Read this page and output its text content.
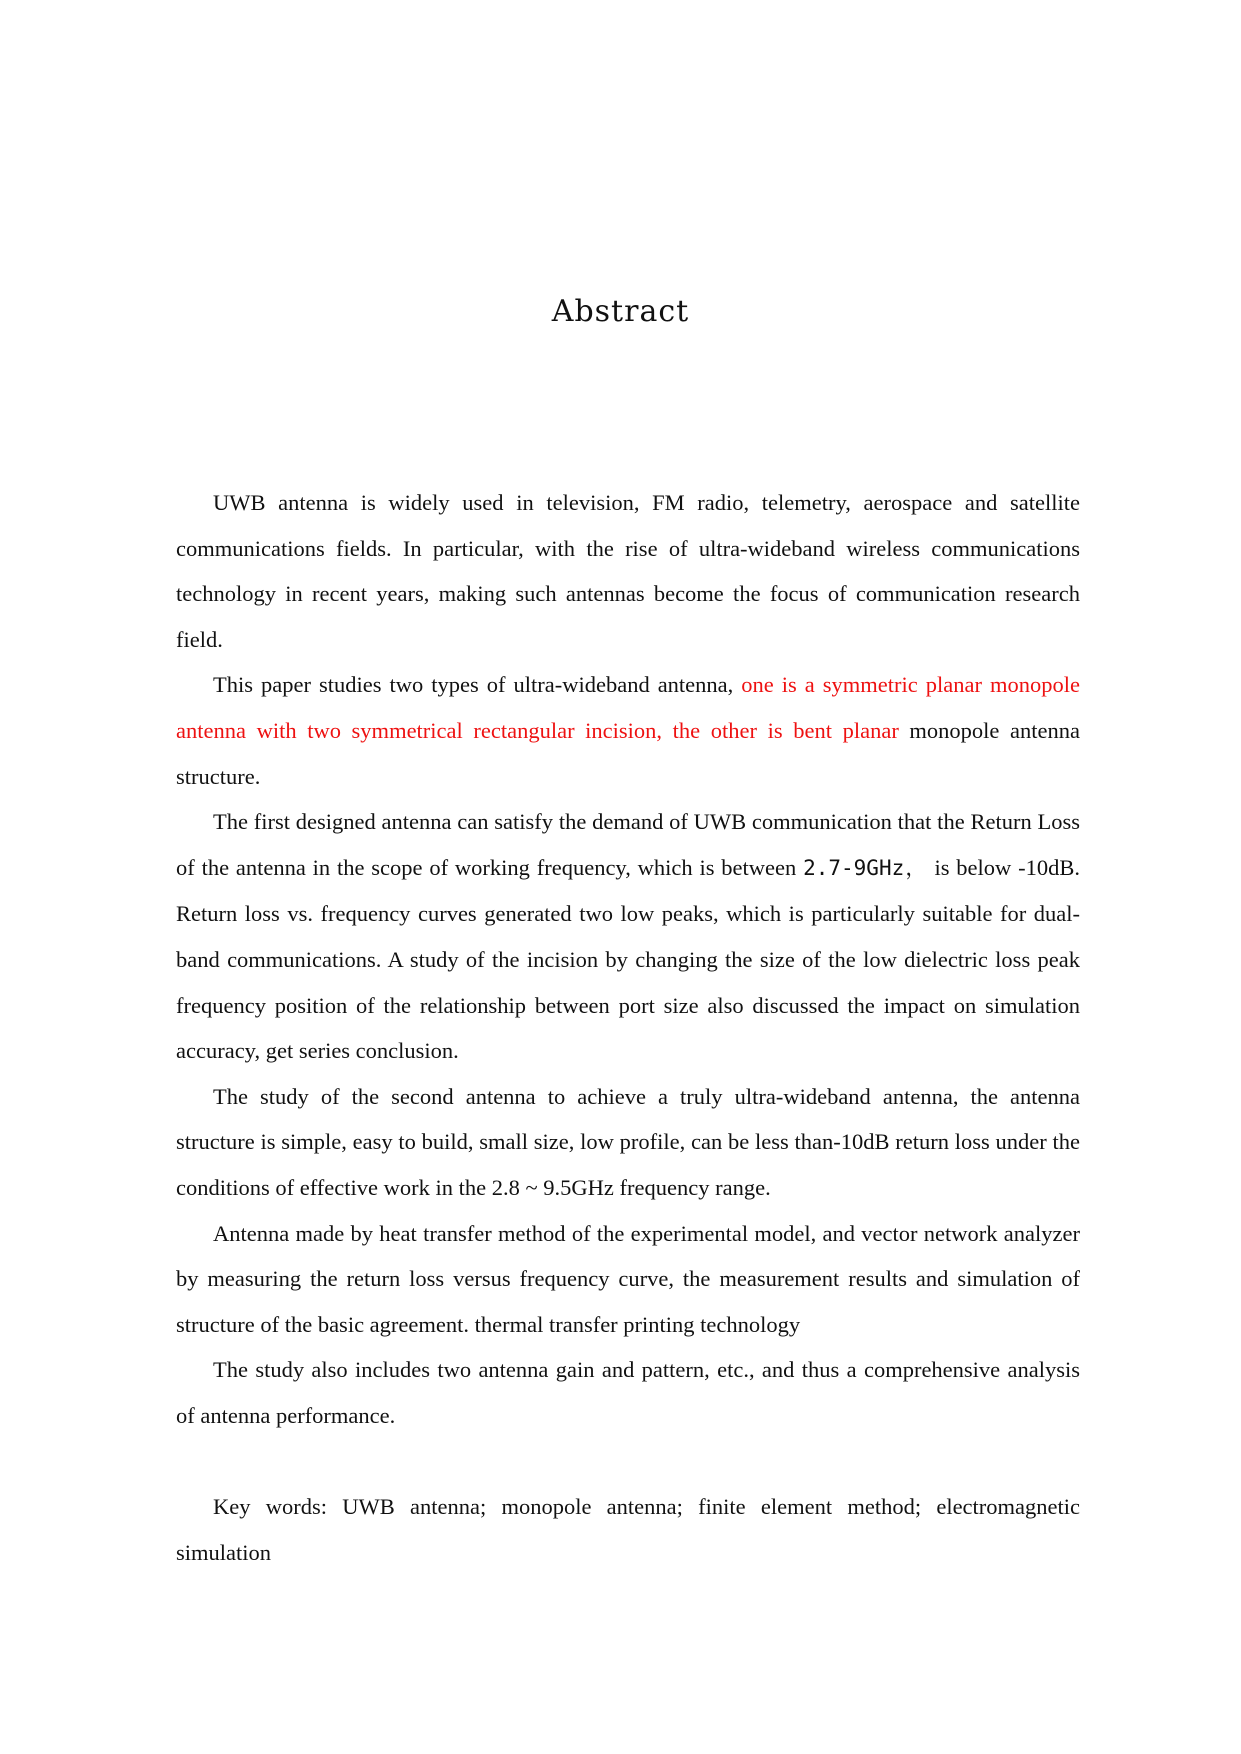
Abstract

UWB antenna is widely used in television, FM radio, telemetry, aerospace and satellite communications fields. In particular, with the rise of ultra-wideband wireless communications technology in recent years, making such antennas become the focus of communication research field.

This paper studies two types of ultra-wideband antenna, one is a symmetric planar monopole antenna with two symmetrical rectangular incision, the other is bent planar monopole antenna structure.

The first designed antenna can satisfy the demand of UWB communication that the Return Loss of the antenna in the scope of working frequency, which is between 2.7-9GHz， is below -10dB. Return loss vs. frequency curves generated two low peaks, which is particularly suitable for dual-band communications. A study of the incision by changing the size of the low dielectric loss peak frequency position of the relationship between port size also discussed the impact on simulation accuracy, get series conclusion.

The study of the second antenna to achieve a truly ultra-wideband antenna, the antenna structure is simple, easy to build, small size, low profile, can be less than-10dB return loss under the conditions of effective work in the 2.8 ~ 9.5GHz frequency range.

Antenna made by heat transfer method of the experimental model, and vector network analyzer by measuring the return loss versus frequency curve, the measurement results and simulation of structure of the basic agreement. thermal transfer printing technology

The study also includes two antenna gain and pattern, etc., and thus a comprehensive analysis of antenna performance.

Key words: UWB antenna; monopole antenna; finite element method; electromagnetic simulation
